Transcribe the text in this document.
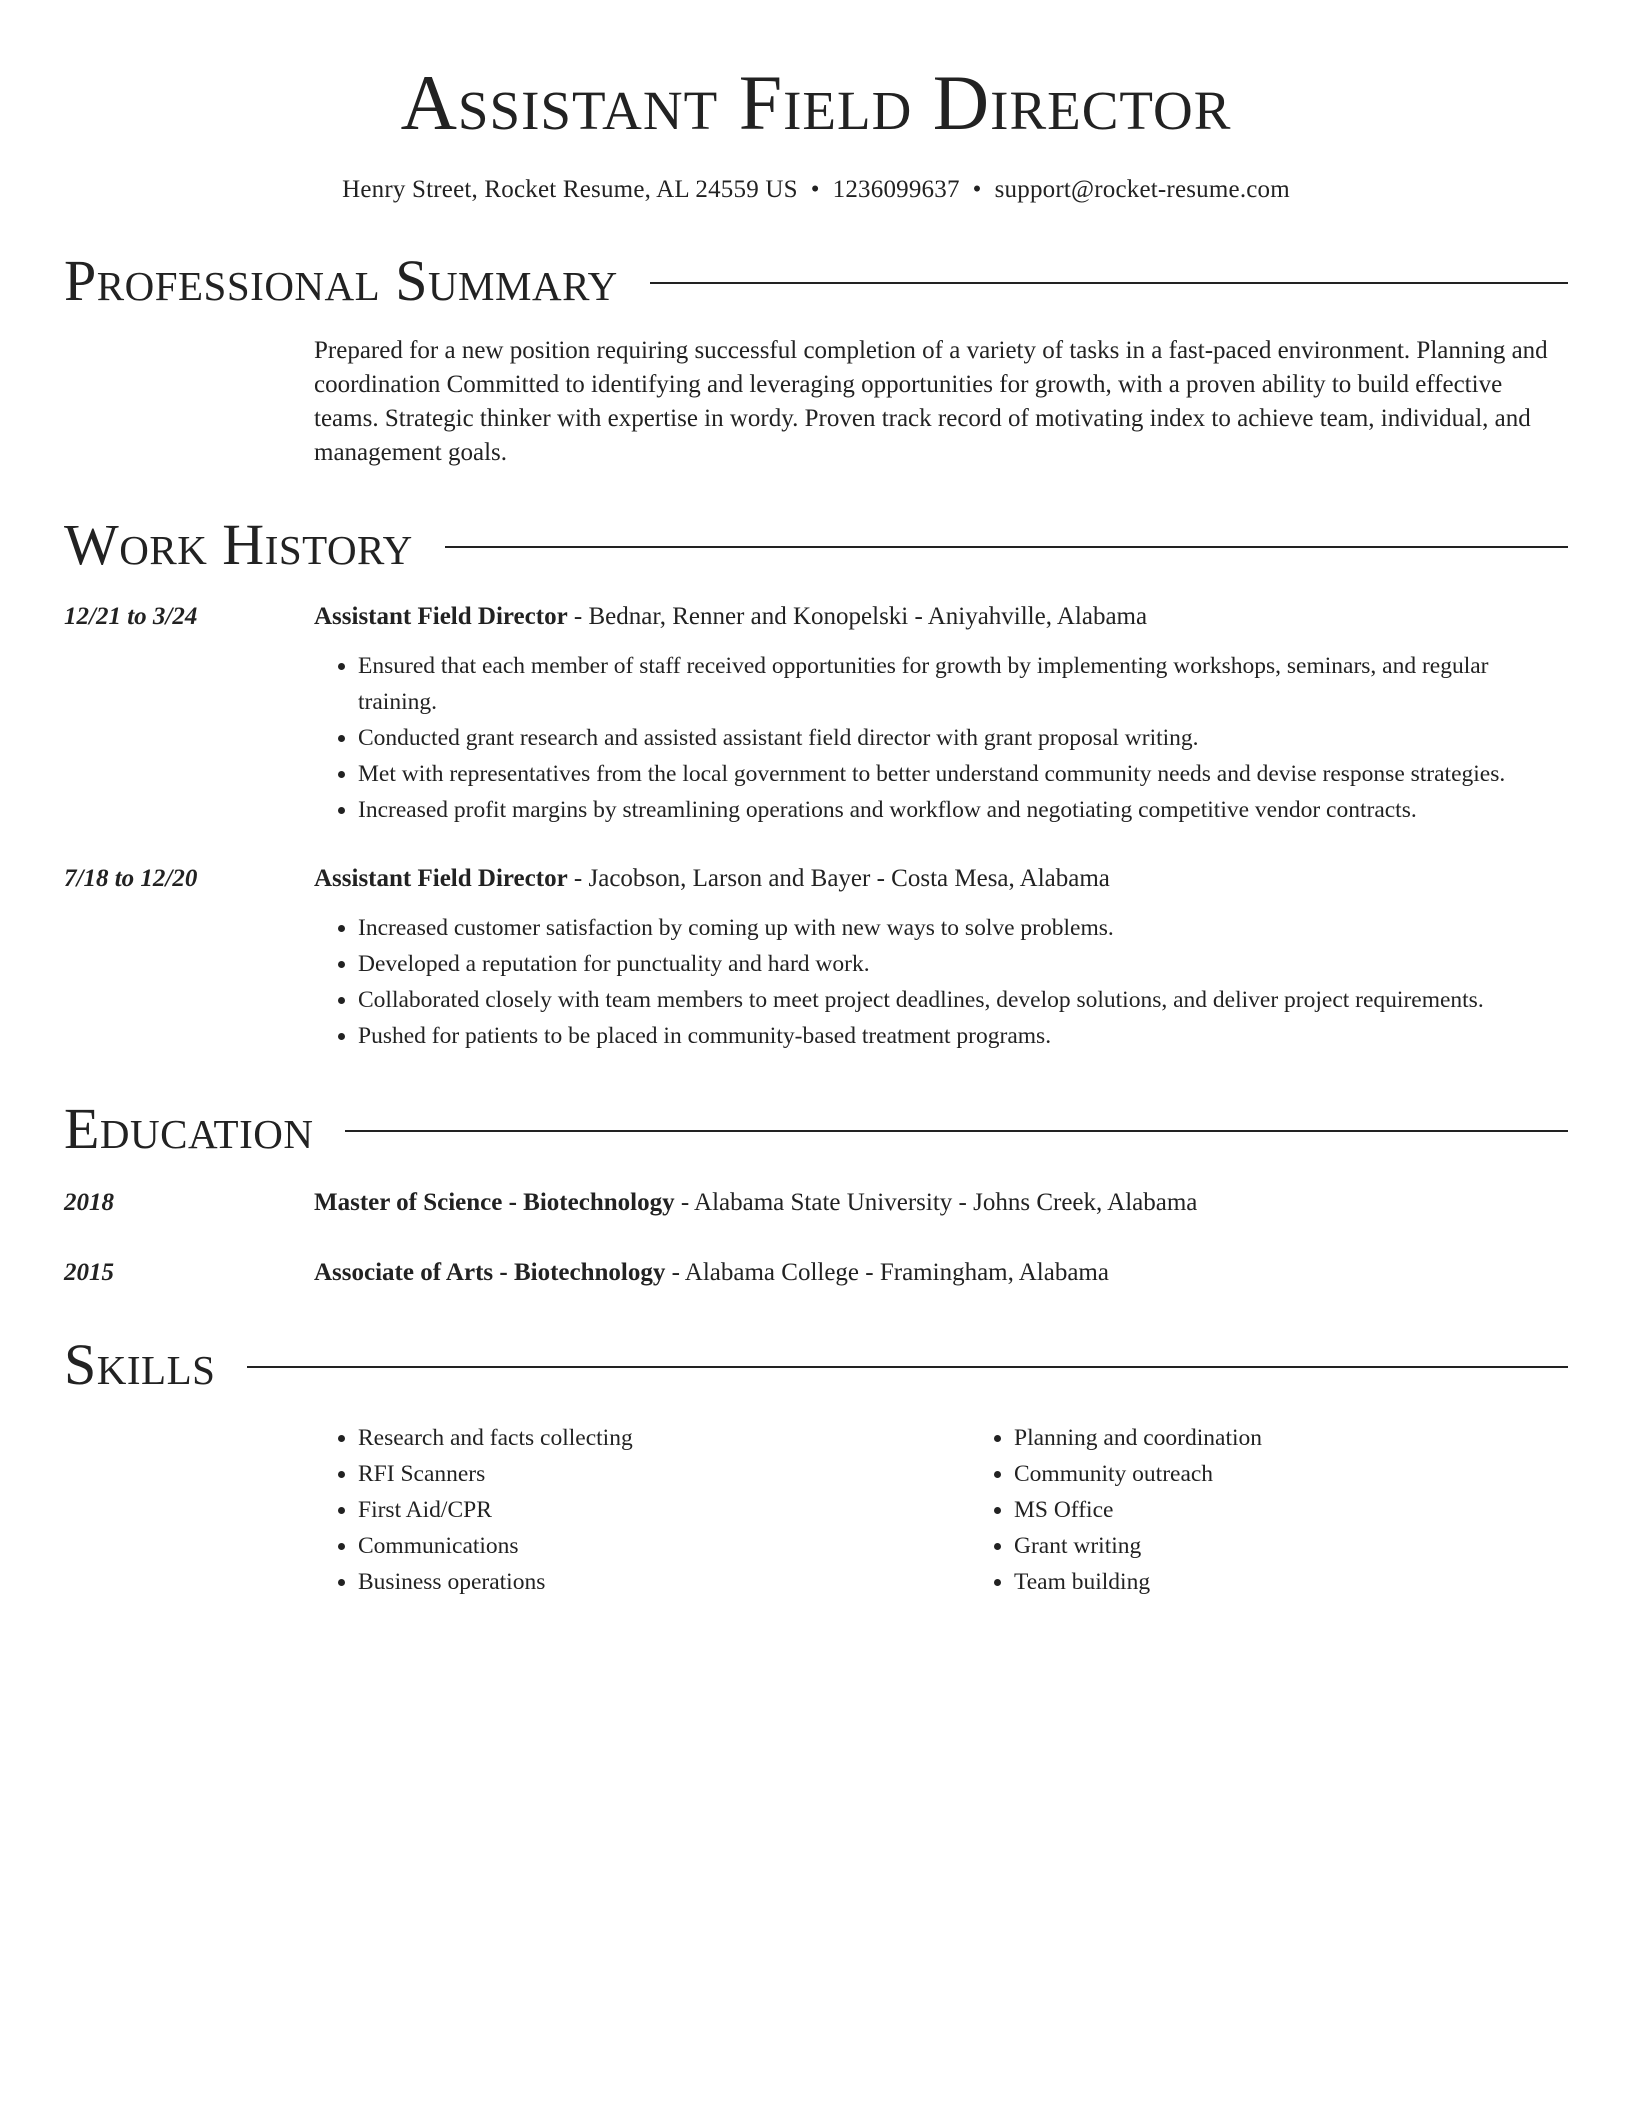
Assistant Field Director
Henry Street, Rocket Resume, AL 24559 US • 1236099637 • support@rocket-resume.com
Professional Summary
Prepared for a new position requiring successful completion of a variety of tasks in a fast-paced environment. Planning and coordination Committed to identifying and leveraging opportunities for growth, with a proven ability to build effective teams. Strategic thinker with expertise in wordy. Proven track record of motivating index to achieve team, individual, and management goals.
Work History
12/21 to 3/24	Assistant Field Director - Bednar, Renner and Konopelski - Aniyahville, Alabama
• Ensured that each member of staff received opportunities for growth by implementing workshops, seminars, and regular training.
• Conducted grant research and assisted assistant field director with grant proposal writing.
• Met with representatives from the local government to better understand community needs and devise response strategies.
• Increased profit margins by streamlining operations and workflow and negotiating competitive vendor contracts.
7/18 to 12/20	Assistant Field Director - Jacobson, Larson and Bayer - Costa Mesa, Alabama
• Increased customer satisfaction by coming up with new ways to solve problems.
• Developed a reputation for punctuality and hard work.
• Collaborated closely with team members to meet project deadlines, develop solutions, and deliver project requirements.
• Pushed for patients to be placed in community-based treatment programs.
Education
2018	Master of Science - Biotechnology - Alabama State University - Johns Creek, Alabama
2015	Associate of Arts - Biotechnology - Alabama College - Framingham, Alabama
Skills
• Research and facts collecting
• RFI Scanners
• First Aid/CPR
• Communications
• Business operations
• Planning and coordination
• Community outreach
• MS Office
• Grant writing
• Team building
